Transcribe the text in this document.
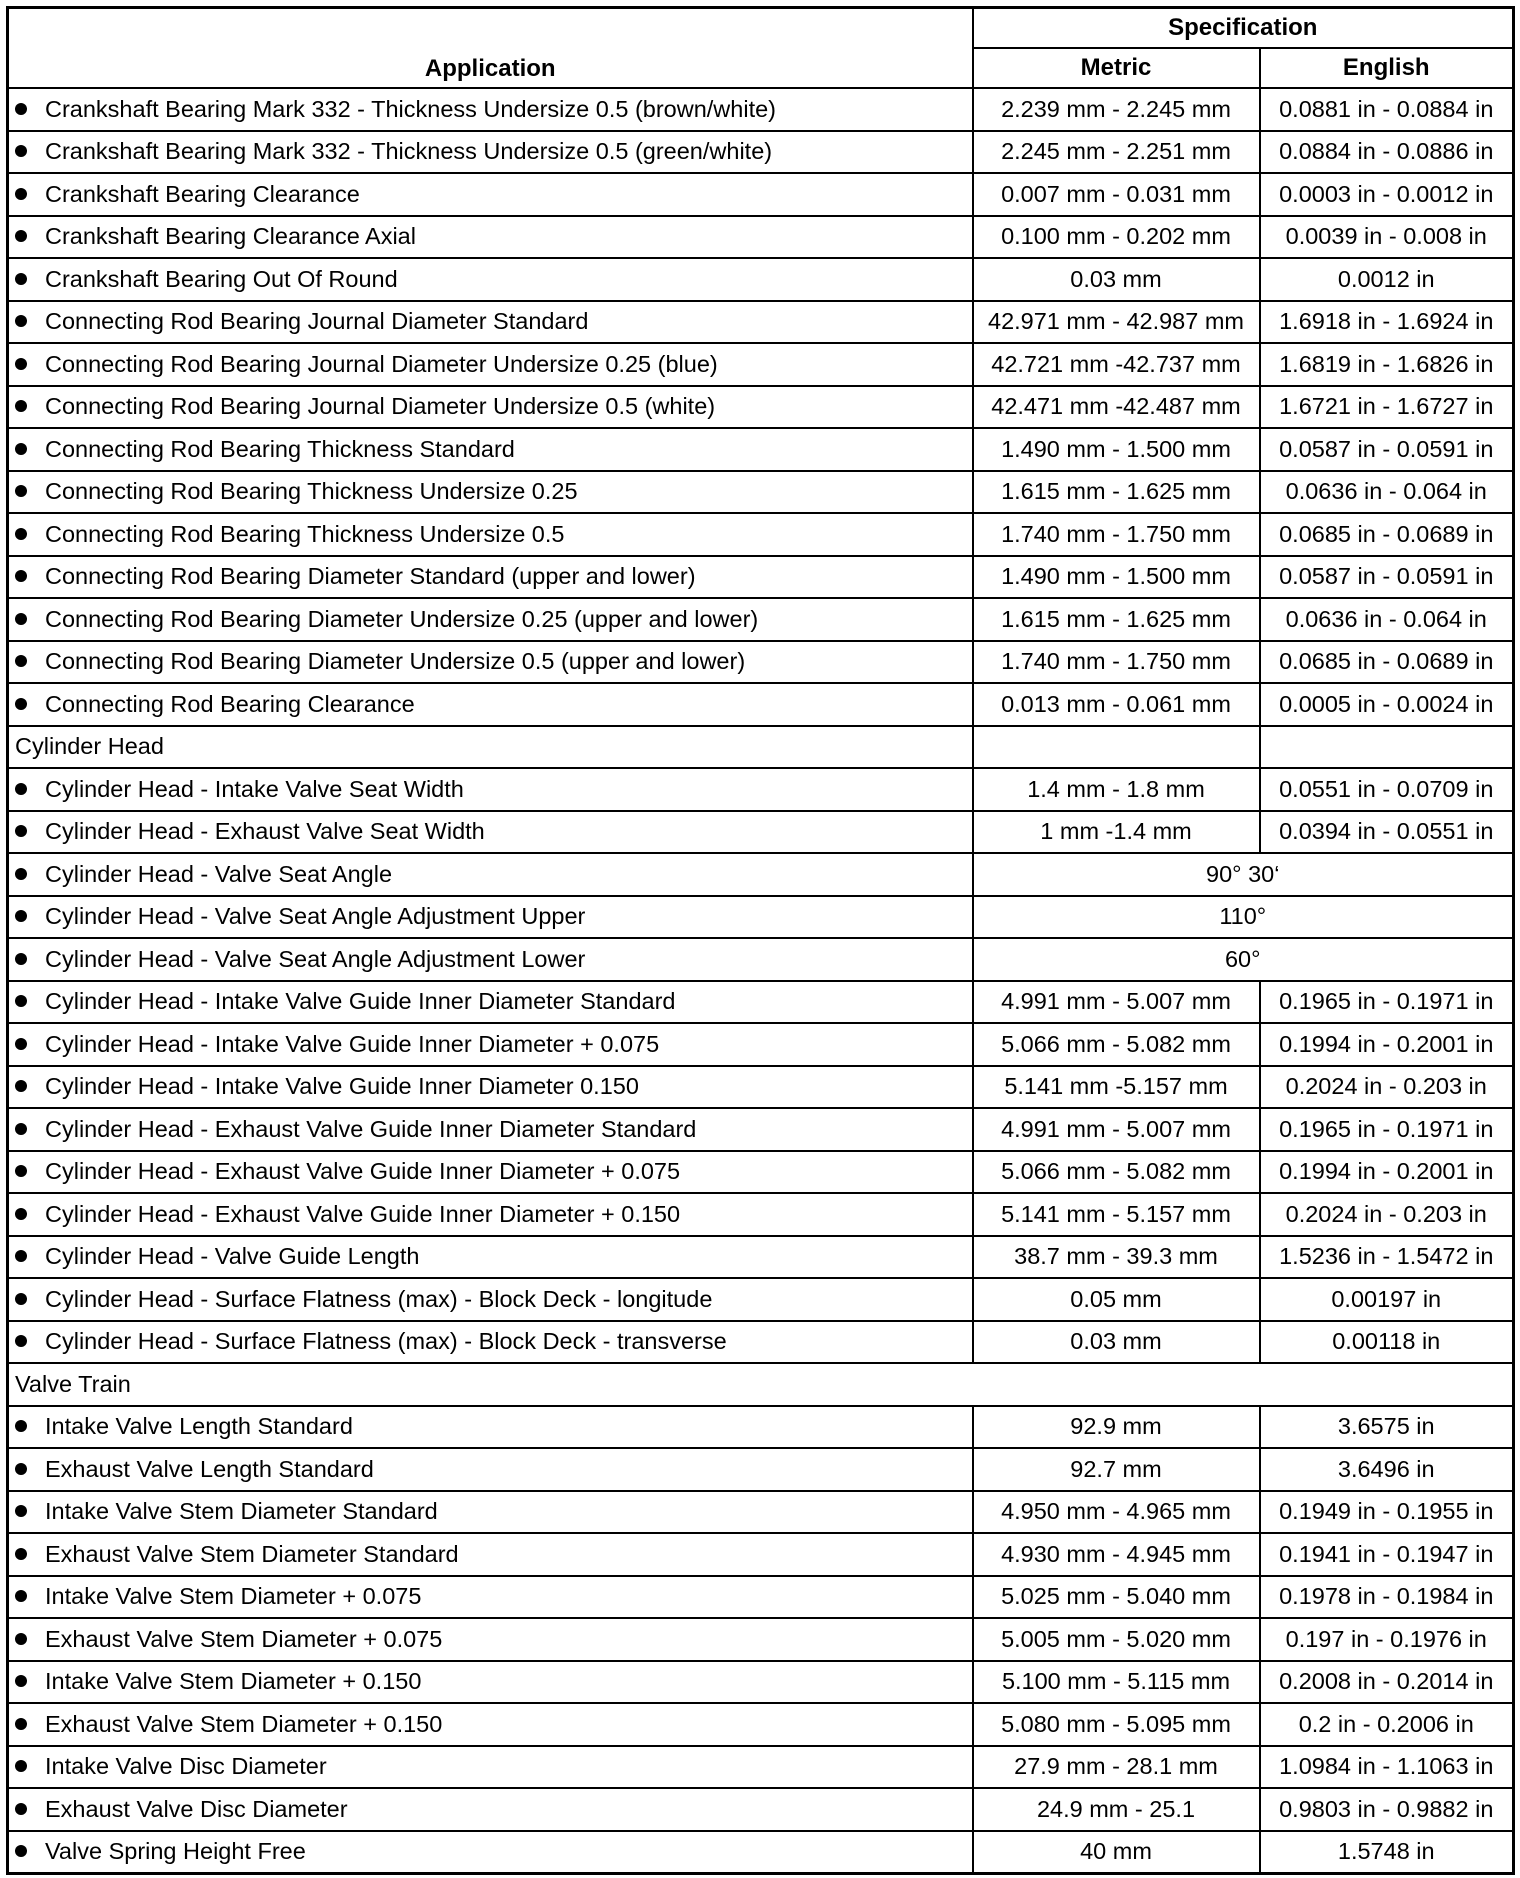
Application	Specification	
	Metric	English
Crankshaft Bearing Mark 332 - Thickness Undersize 0.5 (brown/white)	2.239 mm - 2.245 mm	0.0881 in - 0.0884 in
Crankshaft Bearing Mark 332 - Thickness Undersize 0.5 (green/white)	2.245 mm - 2.251 mm	0.0884 in - 0.0886 in
Crankshaft Bearing Clearance	0.007 mm - 0.031 mm	0.0003 in - 0.0012 in
Crankshaft Bearing Clearance Axial	0.100 mm - 0.202 mm	0.0039 in - 0.008 in
Crankshaft Bearing Out Of Round	0.03 mm	0.0012 in
Connecting Rod Bearing Journal Diameter Standard	42.971 mm - 42.987 mm	1.6918 in - 1.6924 in
Connecting Rod Bearing Journal Diameter Undersize 0.25 (blue)	42.721 mm -42.737 mm	1.6819 in - 1.6826 in
Connecting Rod Bearing Journal Diameter Undersize 0.5 (white)	42.471 mm -42.487 mm	1.6721 in - 1.6727 in
Connecting Rod Bearing Thickness Standard	1.490 mm - 1.500 mm	0.0587 in - 0.0591 in
Connecting Rod Bearing Thickness Undersize 0.25	1.615 mm - 1.625 mm	0.0636 in - 0.064 in
Connecting Rod Bearing Thickness Undersize 0.5	1.740 mm - 1.750 mm	0.0685 in - 0.0689 in
Connecting Rod Bearing Diameter Standard (upper and lower)	1.490 mm - 1.500 mm	0.0587 in - 0.0591 in
Connecting Rod Bearing Diameter Undersize 0.25 (upper and lower)	1.615 mm - 1.625 mm	0.0636 in - 0.064 in
Connecting Rod Bearing Diameter Undersize 0.5 (upper and lower)	1.740 mm - 1.750 mm	0.0685 in - 0.0689 in
Connecting Rod Bearing Clearance	0.013 mm - 0.061 mm	0.0005 in - 0.0024 in
Cylinder Head		
Cylinder Head - Intake Valve Seat Width	1.4 mm - 1.8 mm	0.0551 in - 0.0709 in
Cylinder Head - Exhaust Valve Seat Width	1 mm -1.4 mm	0.0394 in - 0.0551 in
Cylinder Head - Valve Seat Angle	90° 30‘	
Cylinder Head - Valve Seat Angle Adjustment Upper	110°	
Cylinder Head - Valve Seat Angle Adjustment Lower	60°	
Cylinder Head - Intake Valve Guide Inner Diameter Standard	4.991 mm - 5.007 mm	0.1965 in - 0.1971 in
Cylinder Head - Intake Valve Guide Inner Diameter + 0.075	5.066 mm - 5.082 mm	0.1994 in - 0.2001 in
Cylinder Head - Intake Valve Guide Inner Diameter 0.150	5.141 mm -5.157 mm	0.2024 in - 0.203 in
Cylinder Head - Exhaust Valve Guide Inner Diameter Standard	4.991 mm - 5.007 mm	0.1965 in - 0.1971 in
Cylinder Head - Exhaust Valve Guide Inner Diameter + 0.075	5.066 mm - 5.082 mm	0.1994 in - 0.2001 in
Cylinder Head - Exhaust Valve Guide Inner Diameter + 0.150	5.141 mm - 5.157 mm	0.2024 in - 0.203 in
Cylinder Head - Valve Guide Length	38.7 mm - 39.3 mm	1.5236 in - 1.5472 in
Cylinder Head - Surface Flatness (max) - Block Deck - longitude	0.05 mm	0.00197 in
Cylinder Head - Surface Flatness (max) - Block Deck - transverse	0.03 mm	0.00118 in
Valve Train		
Intake Valve Length Standard	92.9 mm	3.6575 in
Exhaust Valve Length Standard	92.7 mm	3.6496 in
Intake Valve Stem Diameter Standard	4.950 mm - 4.965 mm	0.1949 in - 0.1955 in
Exhaust Valve Stem Diameter Standard	4.930 mm - 4.945 mm	0.1941 in - 0.1947 in
Intake Valve Stem Diameter + 0.075	5.025 mm - 5.040 mm	0.1978 in - 0.1984 in
Exhaust Valve Stem Diameter + 0.075	5.005 mm - 5.020 mm	0.197 in - 0.1976 in
Intake Valve Stem Diameter + 0.150	5.100 mm - 5.115 mm	0.2008 in - 0.2014 in
Exhaust Valve Stem Diameter + 0.150	5.080 mm - 5.095 mm	0.2 in - 0.2006 in
Intake Valve Disc Diameter	27.9 mm - 28.1 mm	1.0984 in - 1.1063 in
Exhaust Valve Disc Diameter	24.9 mm - 25.1	0.9803 in - 0.9882 in
Valve Spring Height Free	40 mm	1.5748 in
